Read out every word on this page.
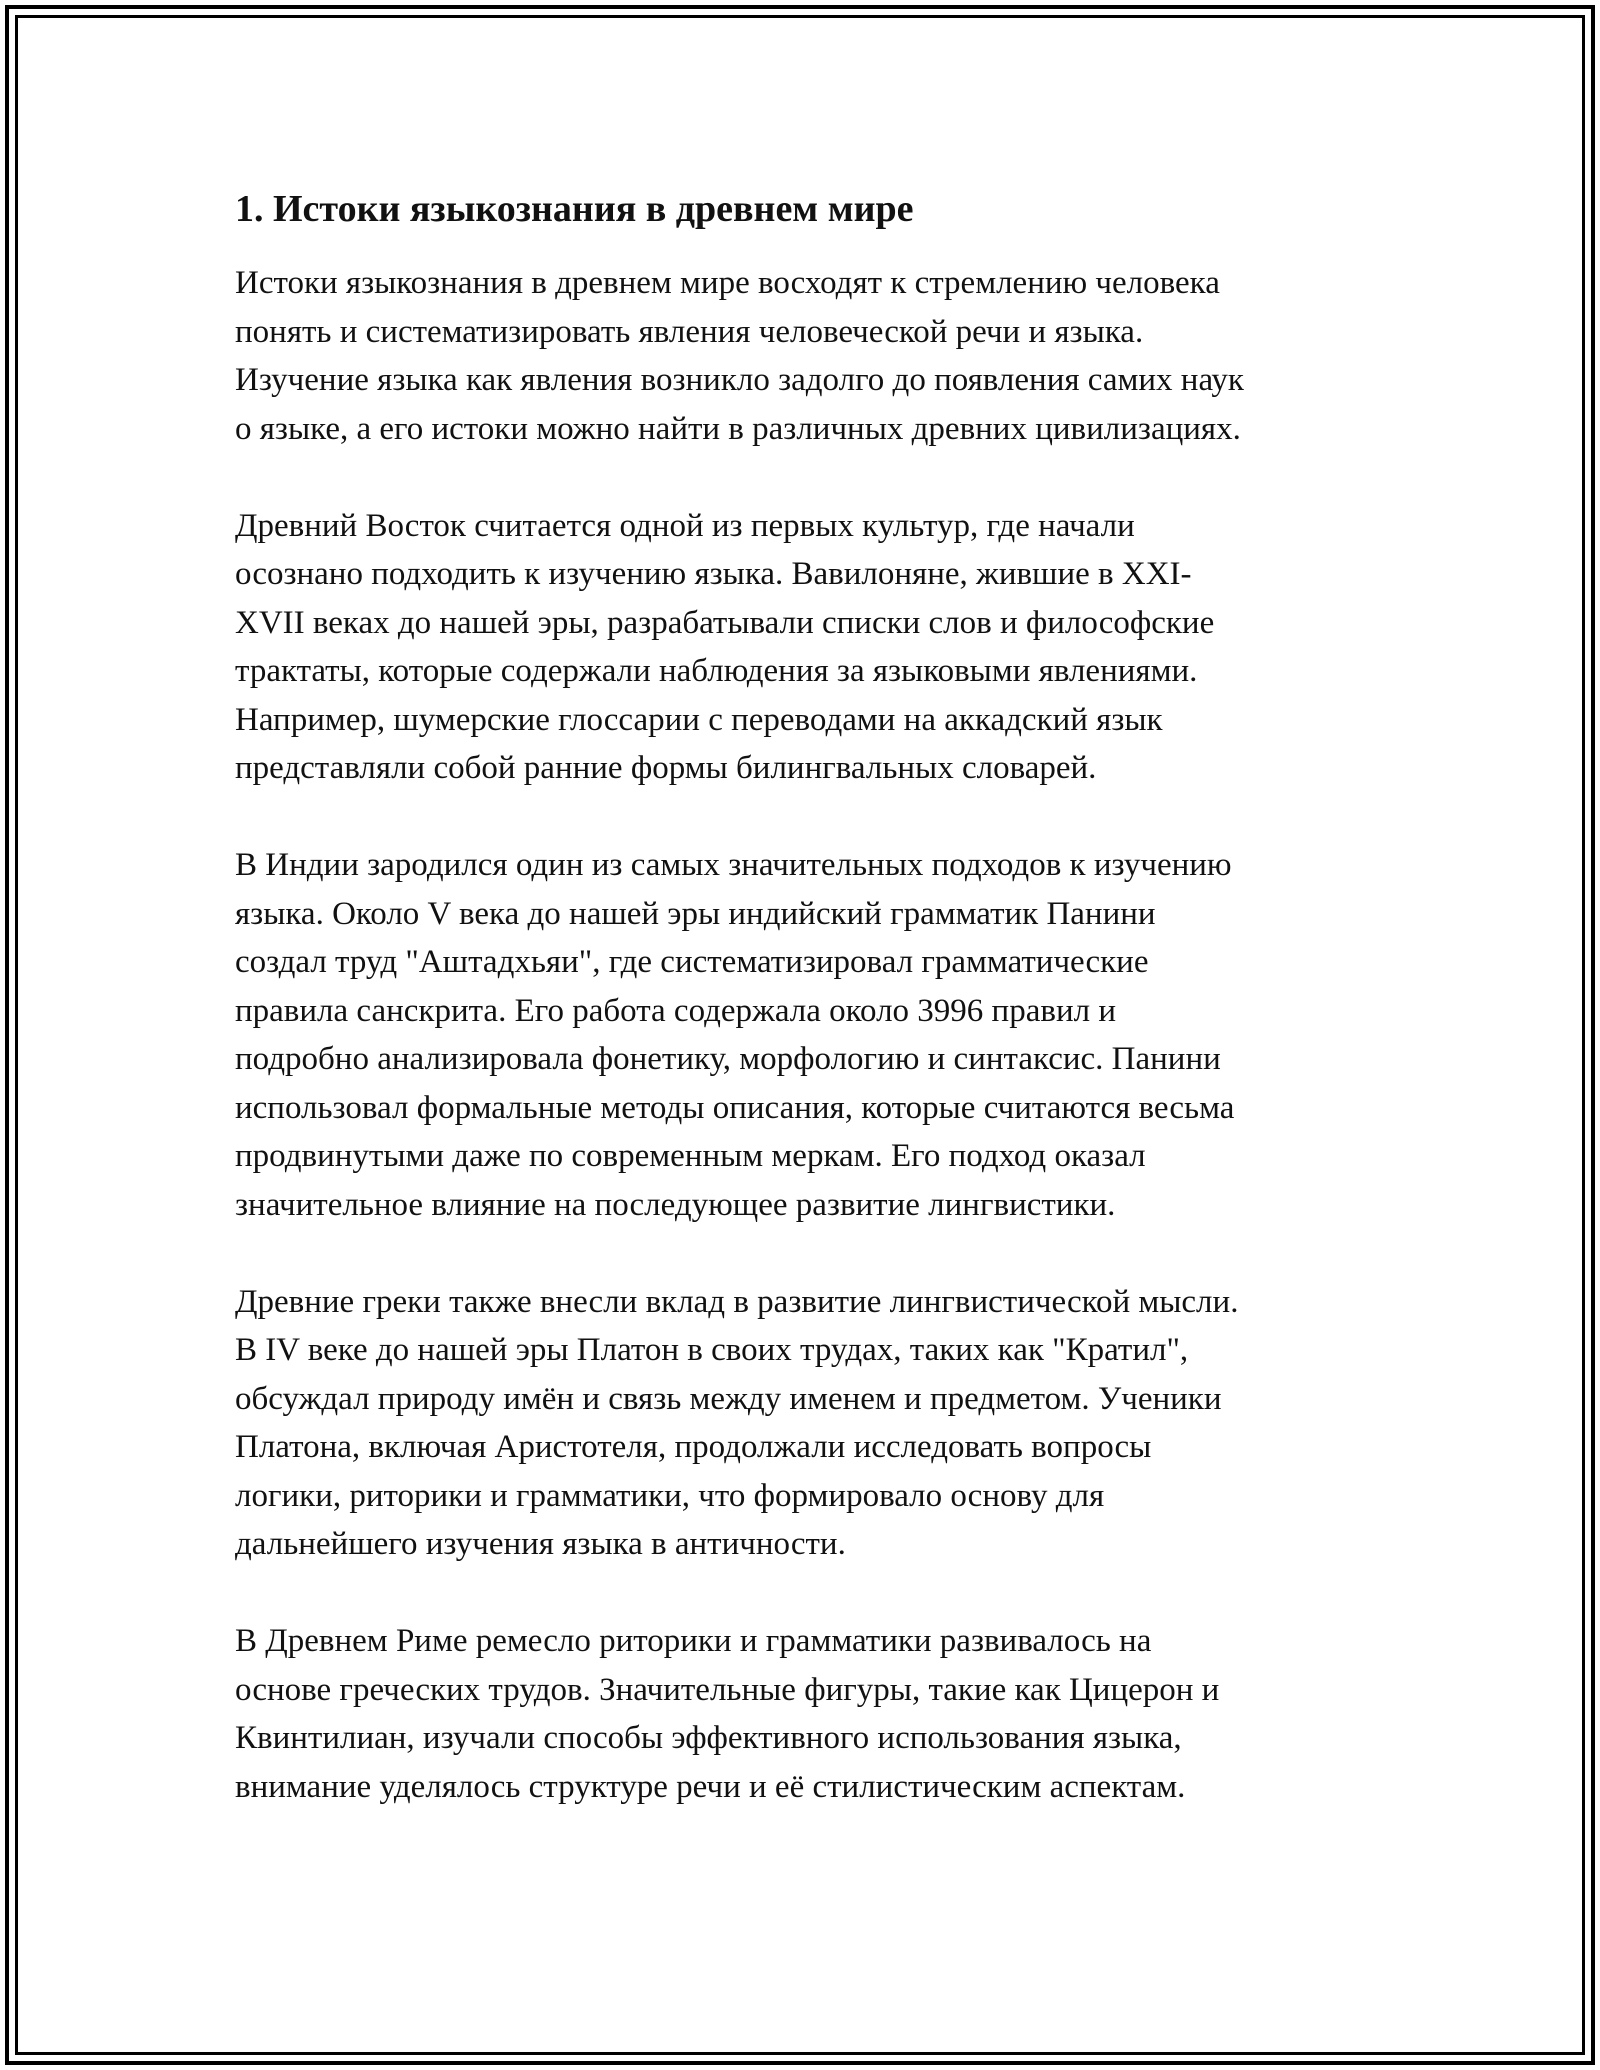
1. Истоки языкознания в древнем мире

Истоки языкознания в древнем мире восходят к стремлению человека
понять и систематизировать явления человеческой речи и языка.
Изучение языка как явления возникло задолго до появления самих наук
о языке, а его истоки можно найти в различных древних цивилизациях.

Древний Восток считается одной из первых культур, где начали
осознано подходить к изучению языка. Вавилоняне, жившие в XXI-
XVII веках до нашей эры, разрабатывали списки слов и философские
трактаты, которые содержали наблюдения за языковыми явлениями.
Например, шумерские глоссарии с переводами на аккадский язык
представляли собой ранние формы билингвальных словарей.

В Индии зародился один из самых значительных подходов к изучению
языка. Около V века до нашей эры индийский грамматик Панини
создал труд "Аштадхьяи", где систематизировал грамматические
правила санскрита. Его работа содержала около 3996 правил и
подробно анализировала фонетику, морфологию и синтаксис. Панини
использовал формальные методы описания, которые считаются весьма
продвинутыми даже по современным меркам. Его подход оказал
значительное влияние на последующее развитие лингвистики.

Древние греки также внесли вклад в развитие лингвистической мысли.
В IV веке до нашей эры Платон в своих трудах, таких как "Кратил",
обсуждал природу имён и связь между именем и предметом. Ученики
Платона, включая Аристотеля, продолжали исследовать вопросы
логики, риторики и грамматики, что формировало основу для
дальнейшего изучения языка в античности.

В Древнем Риме ремесло риторики и грамматики развивалось на
основе греческих трудов. Значительные фигуры, такие как Цицерон и
Квинтилиан, изучали способы эффективного использования языка,
внимание уделялось структуре речи и её стилистическим аспектам.
